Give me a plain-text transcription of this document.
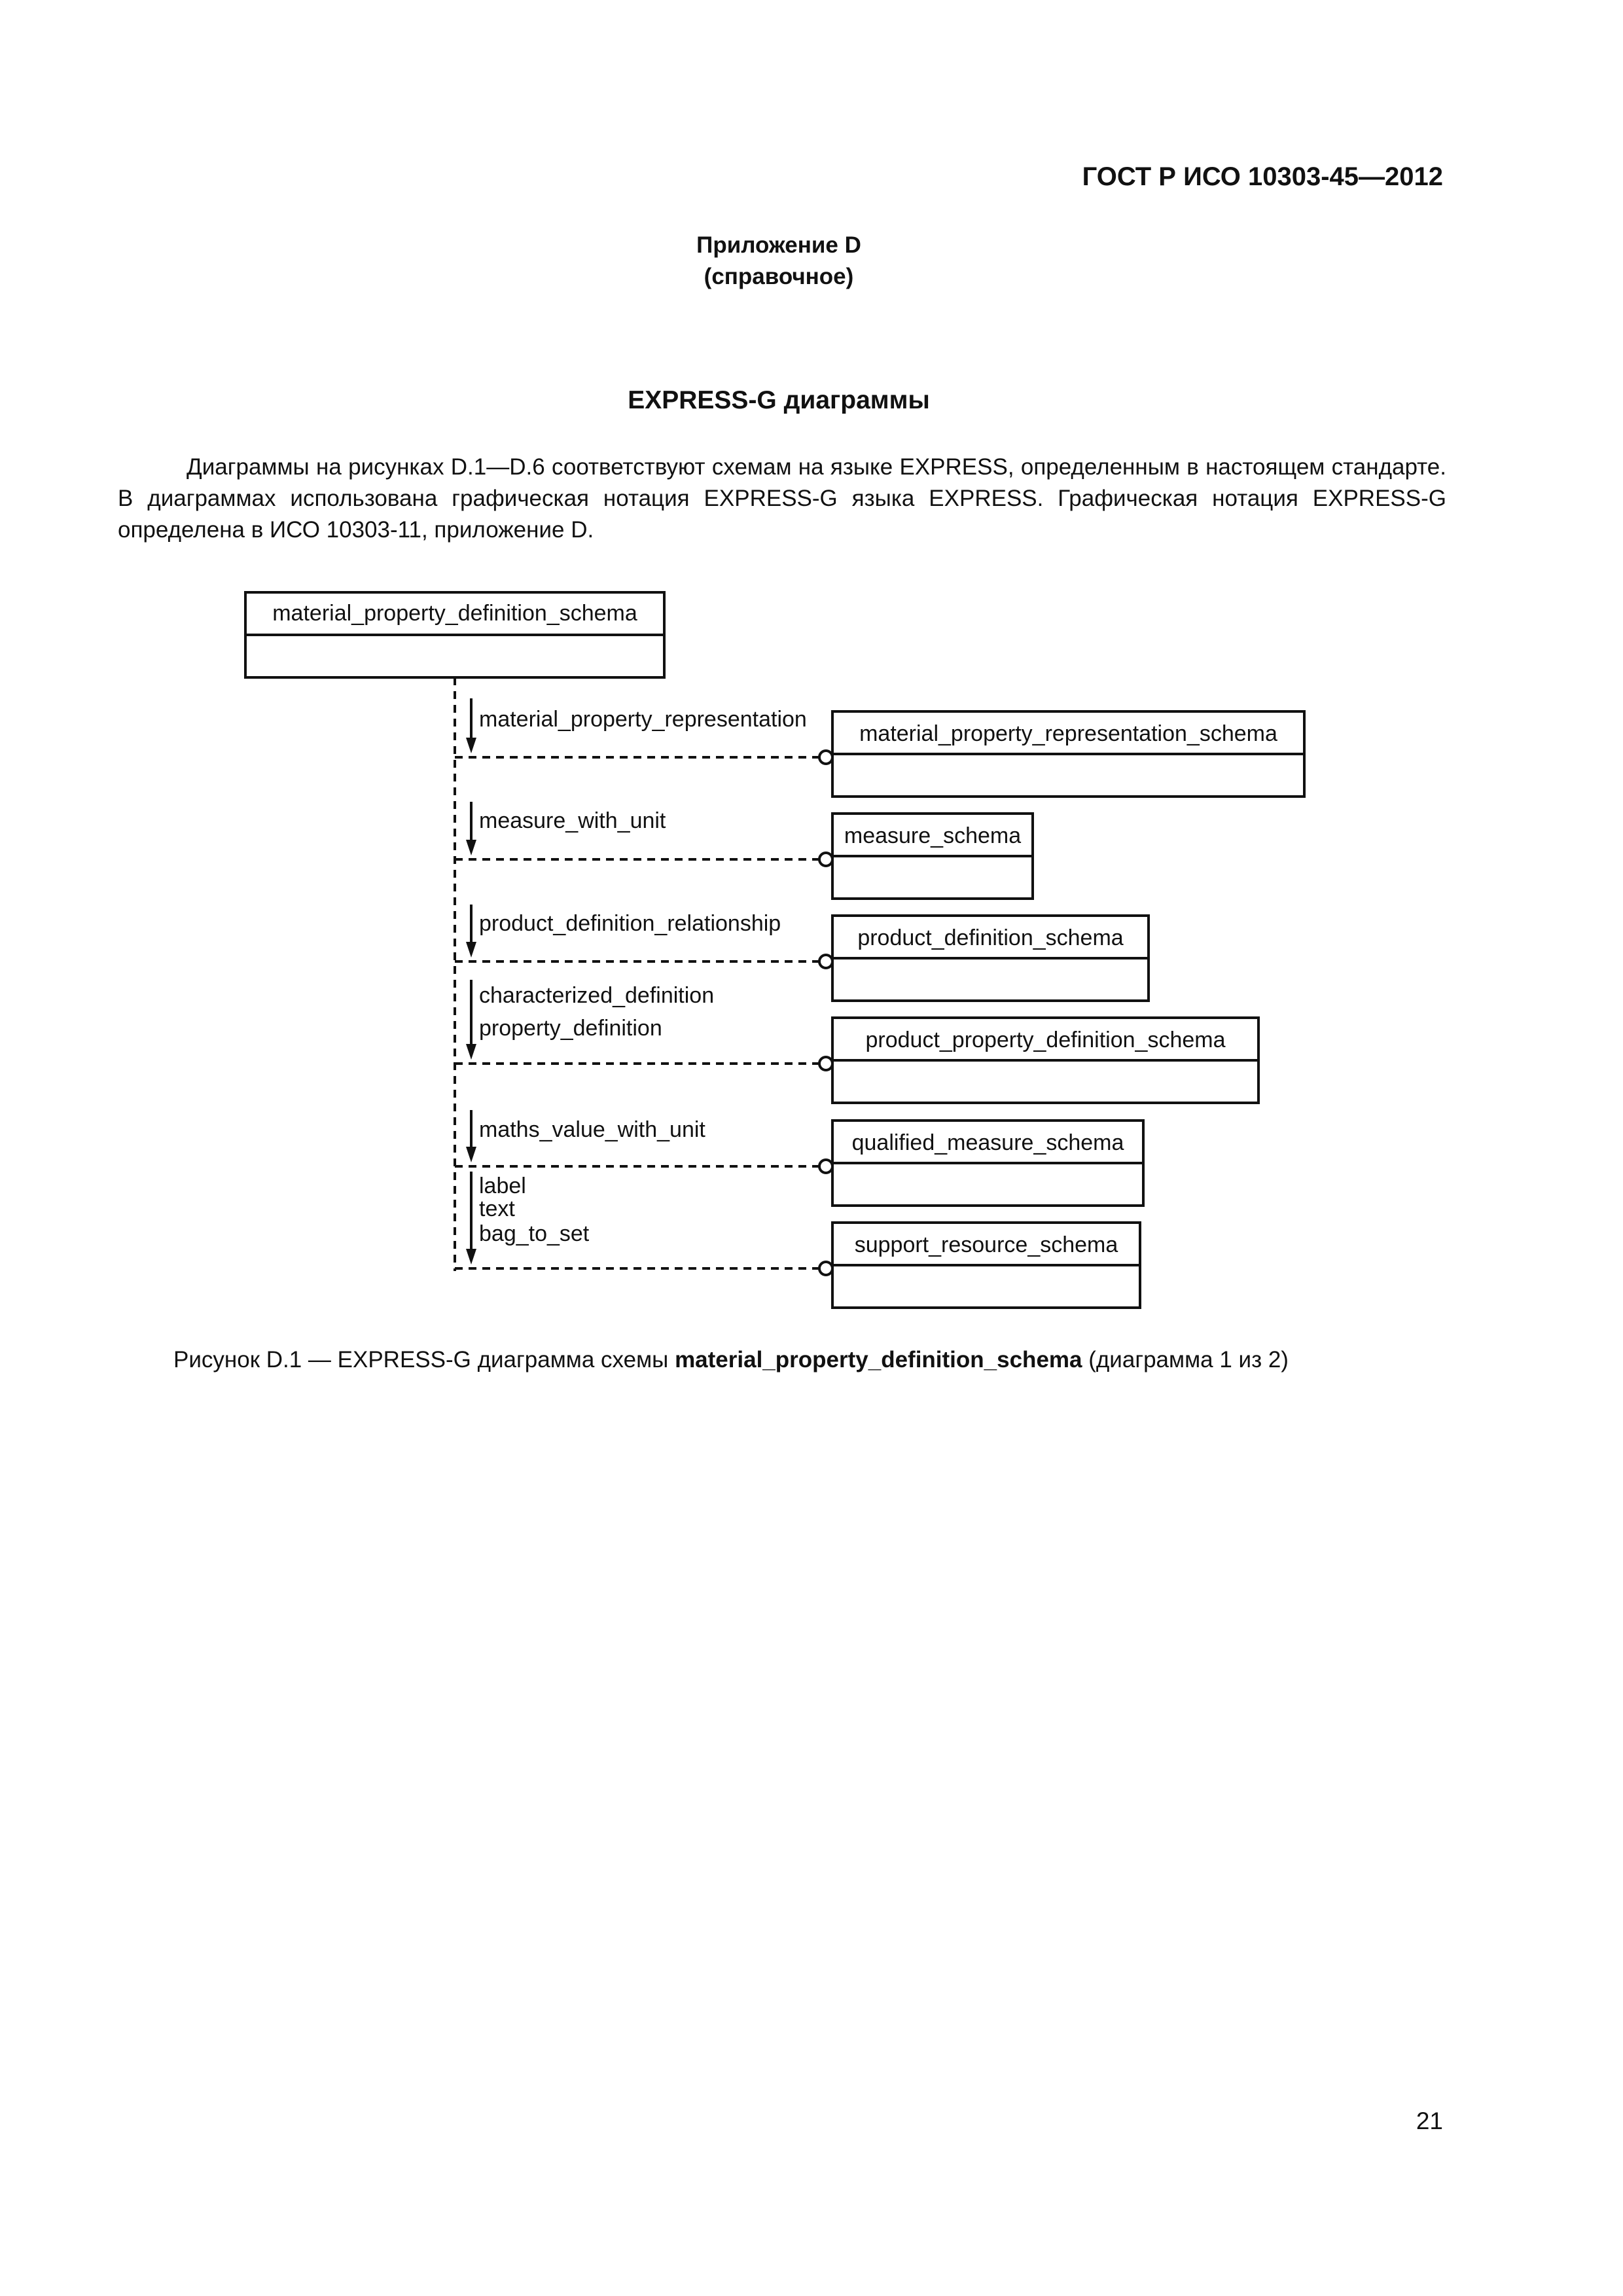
ГОСТ Р ИСО 10303-45—2012
Приложение D
(справочное)
EXPRESS-G диаграммы

Диаграммы на рисунках D.1—D.6 соответствуют схемам на языке EXPRESS, определенным в настоящем стандарте. В диаграммах использована графическая нотация EXPRESS-G языка EXPRESS. Графическая нотация EXPRESS-G определена в ИСО 10303-11, приложение D.

material_property_definition_schema
material_property_representation
material_property_representation_schema
measure_with_unit
measure_schema
product_definition_relationship
product_definition_schema
characterized_definition
property_definition	product_property_definition_schema
maths_value_with_unit
qualified_measure_schema
label
text
bag_to_set	support_resource_schema
Рисунок D.1 — EXPRESS-G диаграмма схемы material_property_definition_schema (диаграмма 1 из 2)
21
